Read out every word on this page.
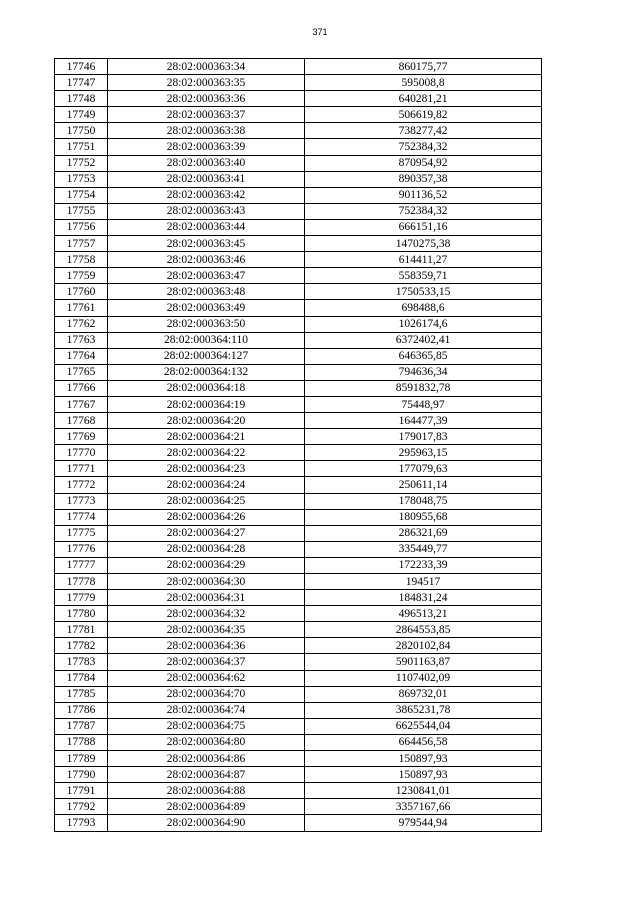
371
17746	28:02:000363:34	860175,77
17747	28:02:000363:35	595008,8
17748	28:02:000363:36	640281,21
17749	28:02:000363:37	506619,82
17750	28:02:000363:38	738277,42
17751	28:02:000363:39	752384,32
17752	28:02:000363:40	870954,92
17753	28:02:000363:41	890357,38
17754	28:02:000363:42	901136,52
17755	28:02:000363:43	752384,32
17756	28:02:000363:44	666151,16
17757	28:02:000363:45	1470275,38
17758	28:02:000363:46	614411,27
17759	28:02:000363:47	558359,71
17760	28:02:000363:48	1750533,15
17761	28:02:000363:49	698488,6
17762	28:02:000363:50	1026174,6
17763	28:02:000364:110	6372402,41
17764	28:02:000364:127	646365,85
17765	28:02:000364:132	794636,34
17766	28:02:000364:18	8591832,78
17767	28:02:000364:19	75448,97
17768	28:02:000364:20	164477,39
17769	28:02:000364:21	179017,83
17770	28:02:000364:22	295963,15
17771	28:02:000364:23	177079,63
17772	28:02:000364:24	250611,14
17773	28:02:000364:25	178048,75
17774	28:02:000364:26	180955,68
17775	28:02:000364:27	286321,69
17776	28:02:000364:28	335449,77
17777	28:02:000364:29	172233,39
17778	28:02:000364:30	194517
17779	28:02:000364:31	184831,24
17780	28:02:000364:32	496513,21
17781	28:02:000364:35	2864553,85
17782	28:02:000364:36	2820102,84
17783	28:02:000364:37	5901163,87
17784	28:02:000364:62	1107402,09
17785	28:02:000364:70	869732,01
17786	28:02:000364:74	3865231,78
17787	28:02:000364:75	6625544,04
17788	28:02:000364:80	664456,58
17789	28:02:000364:86	150897,93
17790	28:02:000364:87	150897,93
17791	28:02:000364:88	1230841,01
17792	28:02:000364:89	3357167,66
17793	28:02:000364:90	979544,94
